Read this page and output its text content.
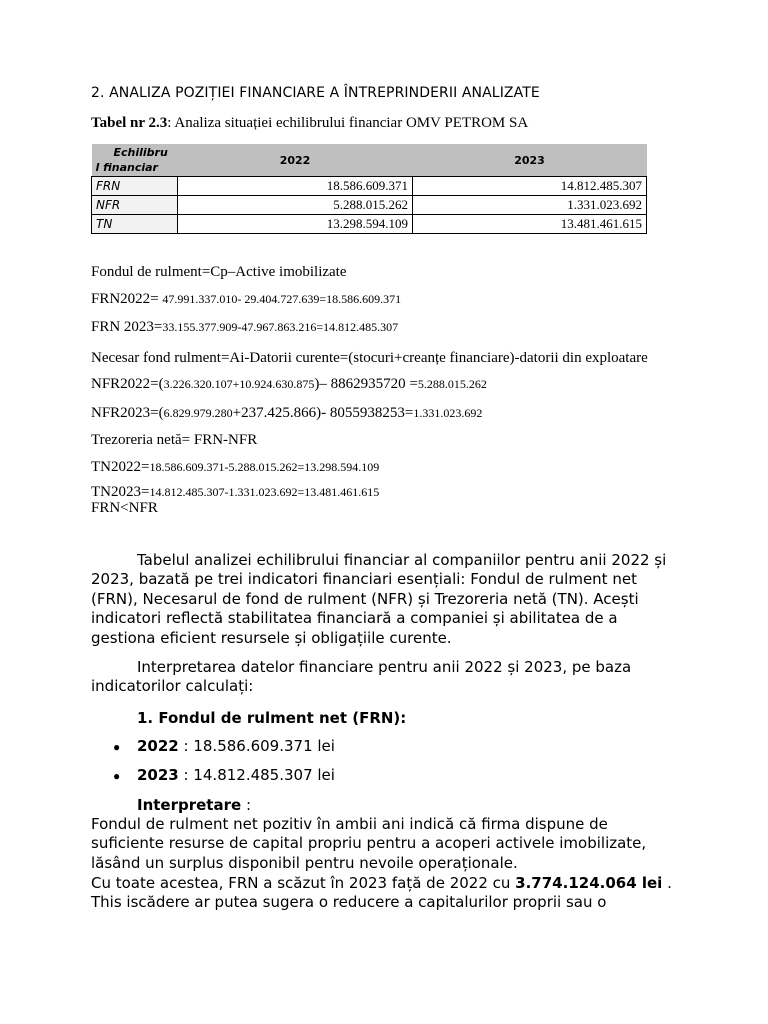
2. ANALIZA POZIȚIEI FINANCIARE A ÎNTREPRINDERII ANALIZATE
Tabel nr 2.3: Analiza situației echilibrului financiar OMV PETROM SA
Echilibru
l financiar	2022	2023
FRN	18.586.609.371	14.812.485.307
NFR	5.288.015.262	1.331.023.692
TN	13.298.594.109	13.481.461.615
Fondul de rulment=Cp–Active imobilizate
FRN2022= 47.991.337.010- 29.404.727.639=18.586.609.371
FRN 2023=33.155.377.909-47.967.863.216=14.812.485.307
Necesar fond rulment=Ai-Datorii curente=(stocuri+creanțe financiare)-datorii din exploatare
NFR2022=(3.226.320.107+10.924.630.875)– 8862935720 =5.288.015.262
NFR2023=(6.829.979.280+237.425.866)- 8055938253=1.331.023.692
Trezoreria netă= FRN-NFR
TN2022=18.586.609.371-5.288.015.262=13.298.594.109
TN2023=14.812.485.307-1.331.023.692=13.481.461.615
FRN<NFR
Tabelul analizei echilibrului financiar al companiilor pentru anii 2022 și 2023, bazată pe trei indicatori financiari esențiali: Fondul de rulment net (FRN), Necesarul de fond de rulment (NFR) și Trezoreria netă (TN). Acești indicatori reflectă stabilitatea financiară a companiei și abilitatea de a gestiona eficient resursele și obligațiile curente.
Interpretarea datelor financiare pentru anii 2022 și 2023, pe baza indicatorilor calculați:
1. Fondul de rulment net (FRN):
● 2022 : 18.586.609.371 lei
● 2023 : 14.812.485.307 lei
Interpretare :
Fondul de rulment net pozitiv în ambii ani indică că firma dispune de suficiente resurse de capital propriu pentru a acoperi activele imobilizate, lăsând un surplus disponibil pentru nevoile operaționale.
Cu toate acestea, FRN a scăzut în 2023 față de 2022 cu 3.774.124.064 lei . This iscădere ar putea sugera o reducere a capitalurilor proprii sau o
